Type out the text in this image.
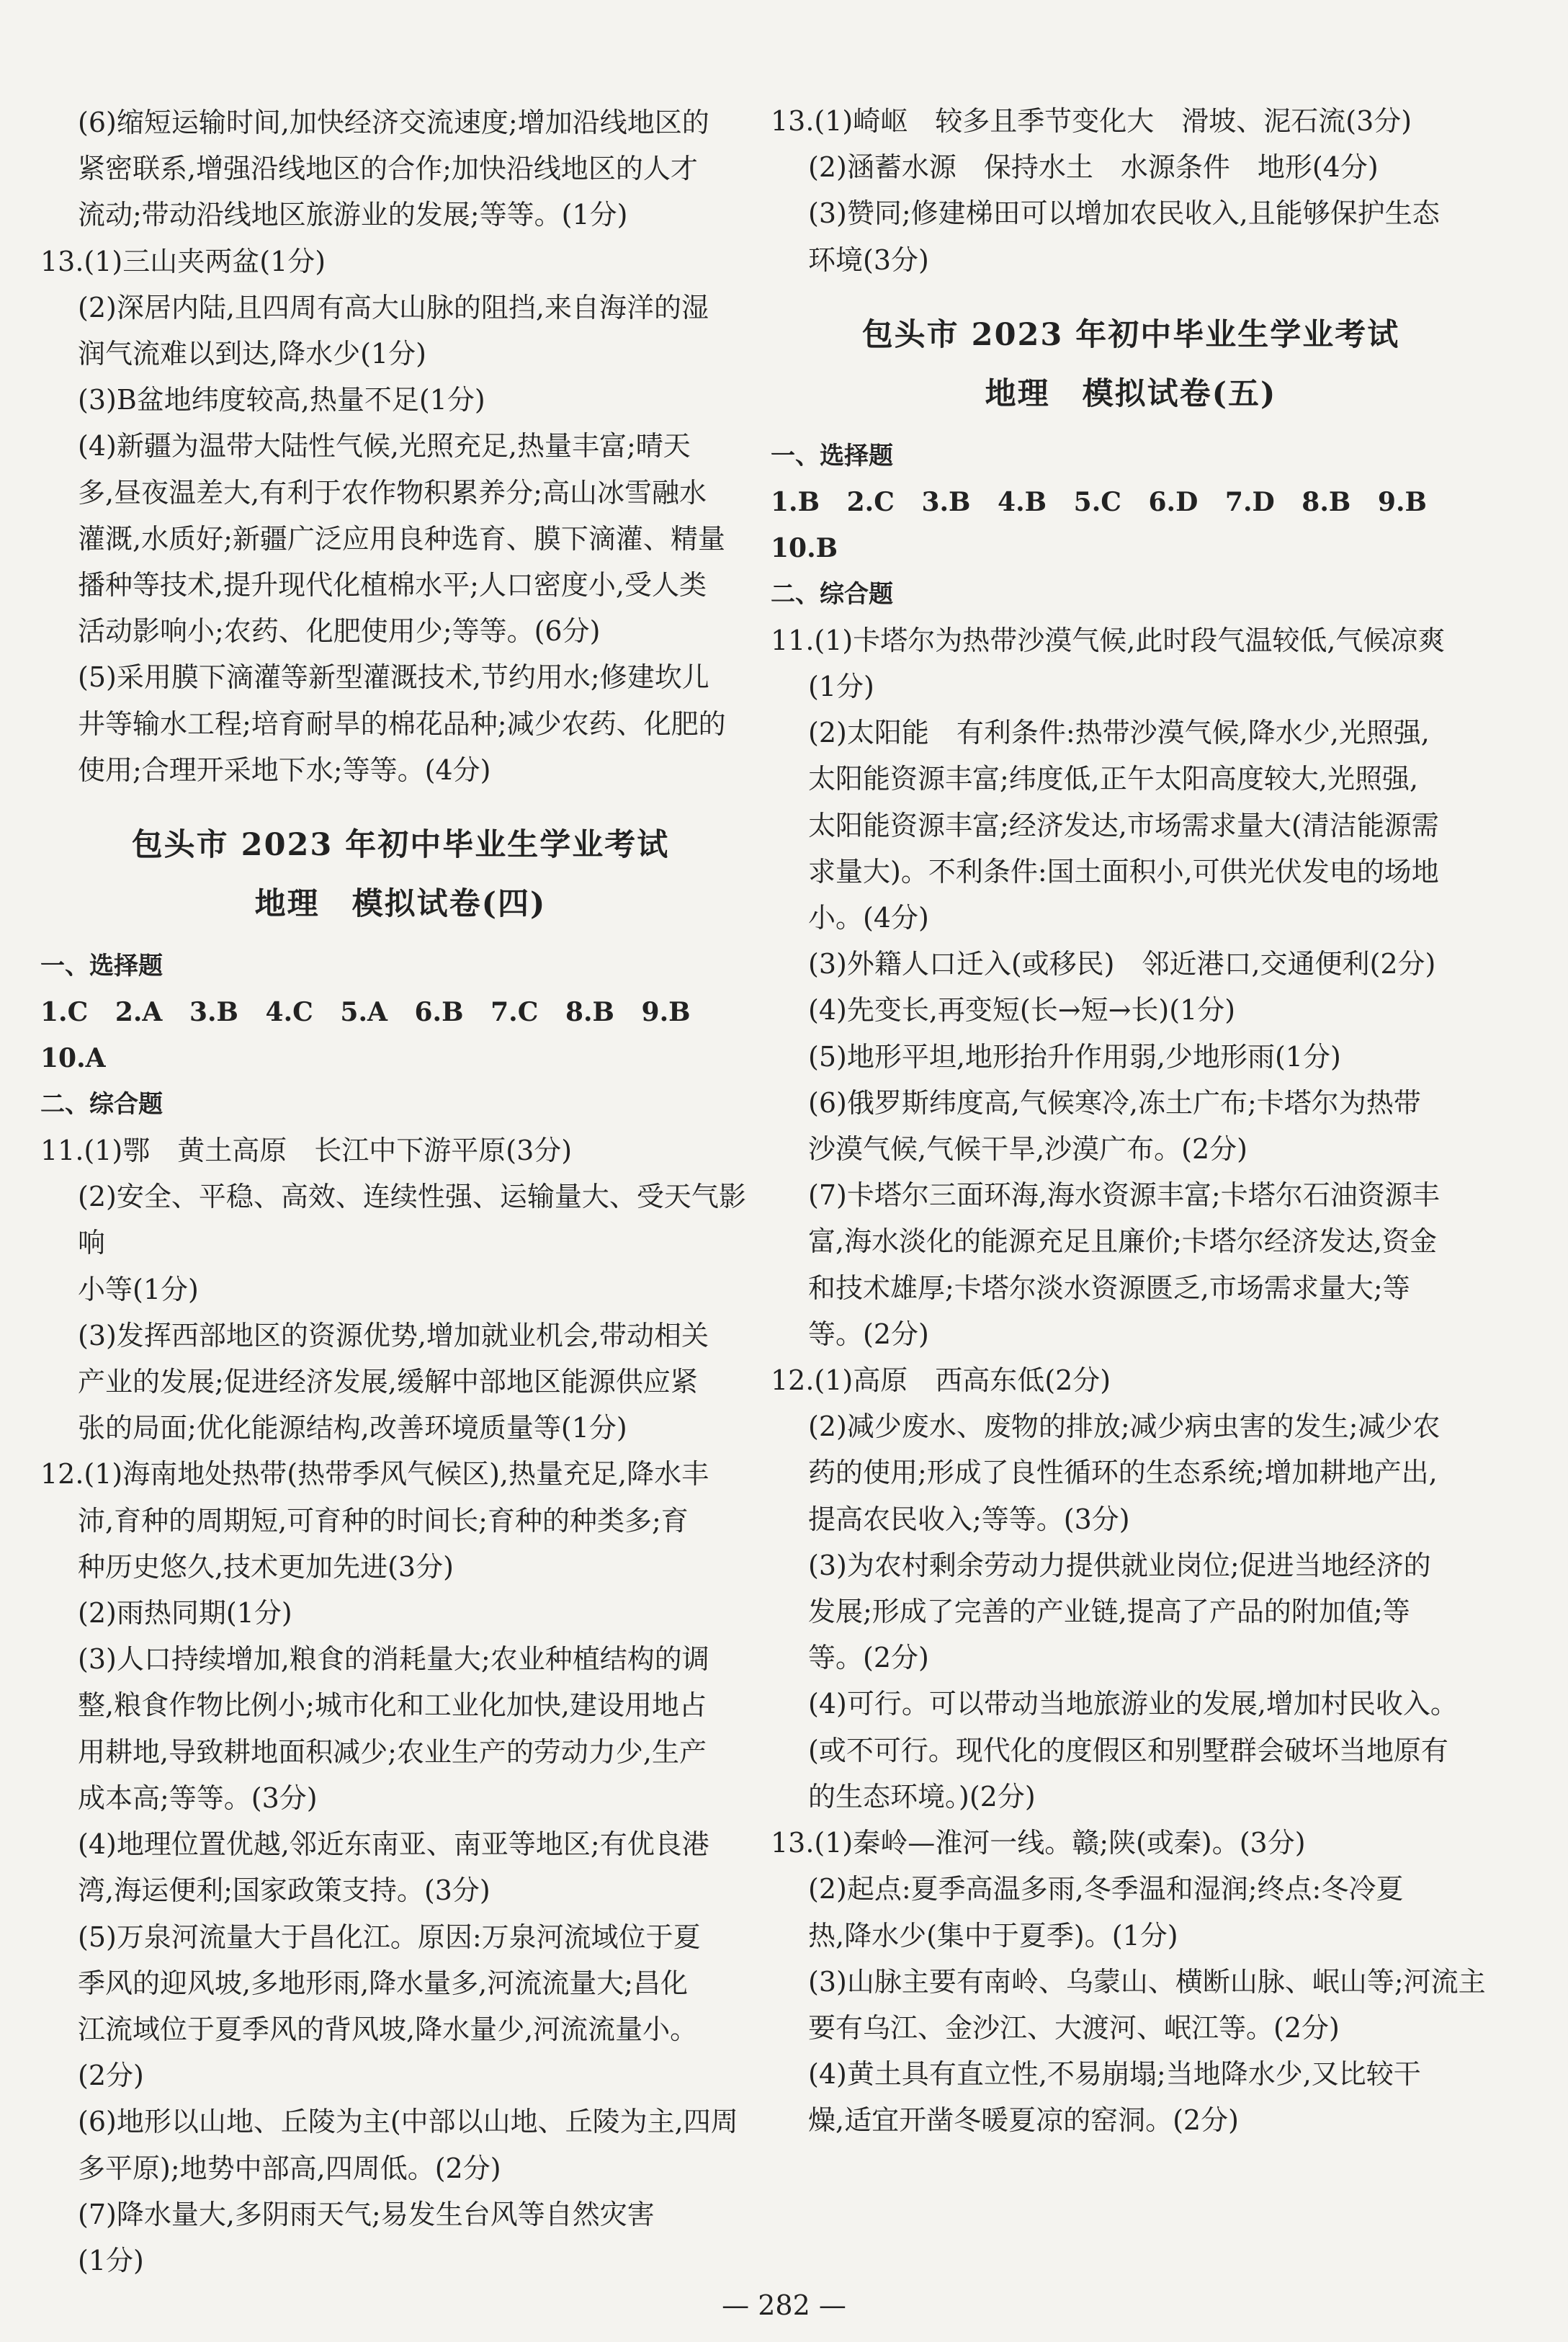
(6)缩短运输时间,加快经济交流速度;增加沿线地区的

紧密联系,增强沿线地区的合作;加快沿线地区的人才

流动;带动沿线地区旅游业的发展;等等。(1分)

13.(1)三山夹两盆(1分)

(2)深居内陆,且四周有高大山脉的阻挡,来自海洋的湿

润气流难以到达,降水少(1分)

(3)B盆地纬度较高,热量不足(1分)

(4)新疆为温带大陆性气候,光照充足,热量丰富;晴天

多,昼夜温差大,有利于农作物积累养分;高山冰雪融水

灌溉,水质好;新疆广泛应用良种选育、膜下滴灌、精量

播种等技术,提升现代化植棉水平;人口密度小,受人类

活动影响小;农药、化肥使用少;等等。(6分)

(5)采用膜下滴灌等新型灌溉技术,节约用水;修建坎儿

井等输水工程;培育耐旱的棉花品种;减少农药、化肥的

使用;合理开采地下水;等等。(4分)

包头市 2023 年初中毕业生学业考试
地理　模拟试卷(四)

一、选择题

1.C   2.A   3.B   4.C   5.A   6.B   7.C   8.B   9.B

10.A

二、综合题

11.(1)鄂　黄土高原　长江中下游平原(3分)

(2)安全、平稳、高效、连续性强、运输量大、受天气影响

小等(1分)

(3)发挥西部地区的资源优势,增加就业机会,带动相关

产业的发展;促进经济发展,缓解中部地区能源供应紧

张的局面;优化能源结构,改善环境质量等(1分)

12.(1)海南地处热带(热带季风气候区),热量充足,降水丰

沛,育种的周期短,可育种的时间长;育种的种类多;育

种历史悠久,技术更加先进(3分)

(2)雨热同期(1分)

(3)人口持续增加,粮食的消耗量大;农业种植结构的调

整,粮食作物比例小;城市化和工业化加快,建设用地占

用耕地,导致耕地面积减少;农业生产的劳动力少,生产

成本高;等等。(3分)

(4)地理位置优越,邻近东南亚、南亚等地区;有优良港

湾,海运便利;国家政策支持。(3分)

(5)万泉河流量大于昌化江。原因:万泉河流域位于夏

季风的迎风坡,多地形雨,降水量多,河流流量大;昌化

江流域位于夏季风的背风坡,降水量少,河流流量小。

(2分)

(6)地形以山地、丘陵为主(中部以山地、丘陵为主,四周

多平原);地势中部高,四周低。(2分)

(7)降水量大,多阴雨天气;易发生台风等自然灾害

(1分)

13.(1)崎岖　较多且季节变化大　滑坡、泥石流(3分)

(2)涵蓄水源　保持水土　水源条件　地形(4分)

(3)赞同;修建梯田可以增加农民收入,且能够保护生态

环境(3分)

包头市 2023 年初中毕业生学业考试
地理　模拟试卷(五)

一、选择题

1.B   2.C   3.B   4.B   5.C   6.D   7.D   8.B   9.B

10.B

二、综合题

11.(1)卡塔尔为热带沙漠气候,此时段气温较低,气候凉爽

(1分)

(2)太阳能　有利条件:热带沙漠气候,降水少,光照强,

太阳能资源丰富;纬度低,正午太阳高度较大,光照强,

太阳能资源丰富;经济发达,市场需求量大(清洁能源需

求量大)。不利条件:国土面积小,可供光伏发电的场地

小。(4分)

(3)外籍人口迁入(或移民)　邻近港口,交通便利(2分)

(4)先变长,再变短(长→短→长)(1分)

(5)地形平坦,地形抬升作用弱,少地形雨(1分)

(6)俄罗斯纬度高,气候寒冷,冻土广布;卡塔尔为热带

沙漠气候,气候干旱,沙漠广布。(2分)

(7)卡塔尔三面环海,海水资源丰富;卡塔尔石油资源丰

富,海水淡化的能源充足且廉价;卡塔尔经济发达,资金

和技术雄厚;卡塔尔淡水资源匮乏,市场需求量大;等

等。(2分)

12.(1)高原　西高东低(2分)

(2)减少废水、废物的排放;减少病虫害的发生;减少农

药的使用;形成了良性循环的生态系统;增加耕地产出,

提高农民收入;等等。(3分)

(3)为农村剩余劳动力提供就业岗位;促进当地经济的

发展;形成了完善的产业链,提高了产品的附加值;等

等。(2分)

(4)可行。可以带动当地旅游业的发展,增加村民收入。

(或不可行。现代化的度假区和别墅群会破坏当地原有

的生态环境。)(2分)

13.(1)秦岭—淮河一线。赣;陕(或秦)。(3分)

(2)起点:夏季高温多雨,冬季温和湿润;终点:冬冷夏

热,降水少(集中于夏季)。(1分)

(3)山脉主要有南岭、乌蒙山、横断山脉、岷山等;河流主

要有乌江、金沙江、大渡河、岷江等。(2分)

(4)黄土具有直立性,不易崩塌;当地降水少,又比较干

燥,适宜开凿冬暖夏凉的窑洞。(2分)

— 282 —
